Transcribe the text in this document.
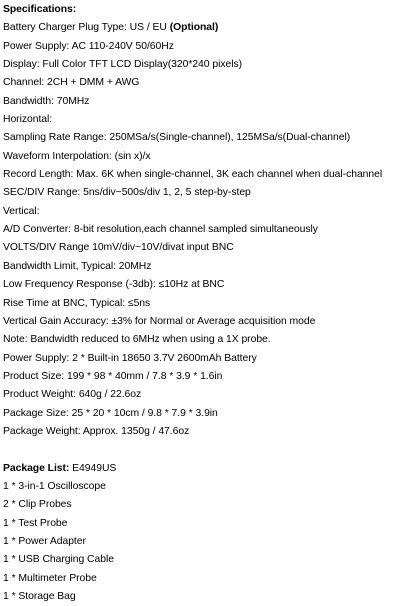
Specifications:
Battery Charger Plug Type: US / EU (Optional)
Power Supply: AC 110-240V 50/60Hz
Display: Full Color TFT LCD Display(320*240 pixels)
Channel: 2CH + DMM + AWG
Bandwidth: 70MHz
Horizontal:
Sampling Rate Range: 250MSa/s(Single-channel), 125MSa/s(Dual-channel)
Waveform Interpolation: (sin x)/x
Record Length: Max. 6K when single-channel, 3K each channel when dual-channel
SEC/DIV Range: 5ns/div~500s/div 1, 2, 5 step-by-step
Vertical:
A/D Converter: 8-bit resolution,each channel sampled simultaneously
VOLTS/DIV Range 10mV/div~10V/divat input BNC
Bandwidth Limit, Typical: 20MHz
Low Frequency Response (-3db): ≤10Hz at BNC
Rise Time at BNC, Typical: ≤5ns
Vertical Gain Accuracy: ±3% for Normal or Average acquisition mode
Note: Bandwidth reduced to 6MHz when using a 1X probe.
Power Supply: 2 * Built-in 18650 3.7V 2600mAh Battery
Product Size: 199 * 98 * 40mm / 7.8 * 3.9 * 1.6in
Product Weight: 640g / 22.6oz
Package Size: 25 * 20 * 10cm / 9.8 * 7.9 * 3.9in
Package Weight: Approx. 1350g / 47.6oz
Package List: E4949US
1 * 3-in-1 Oscilloscope
2 * Clip Probes
1 * Test Probe
1 * Power Adapter
1 * USB Charging Cable
1 * Multimeter Probe
1 * Storage Bag
